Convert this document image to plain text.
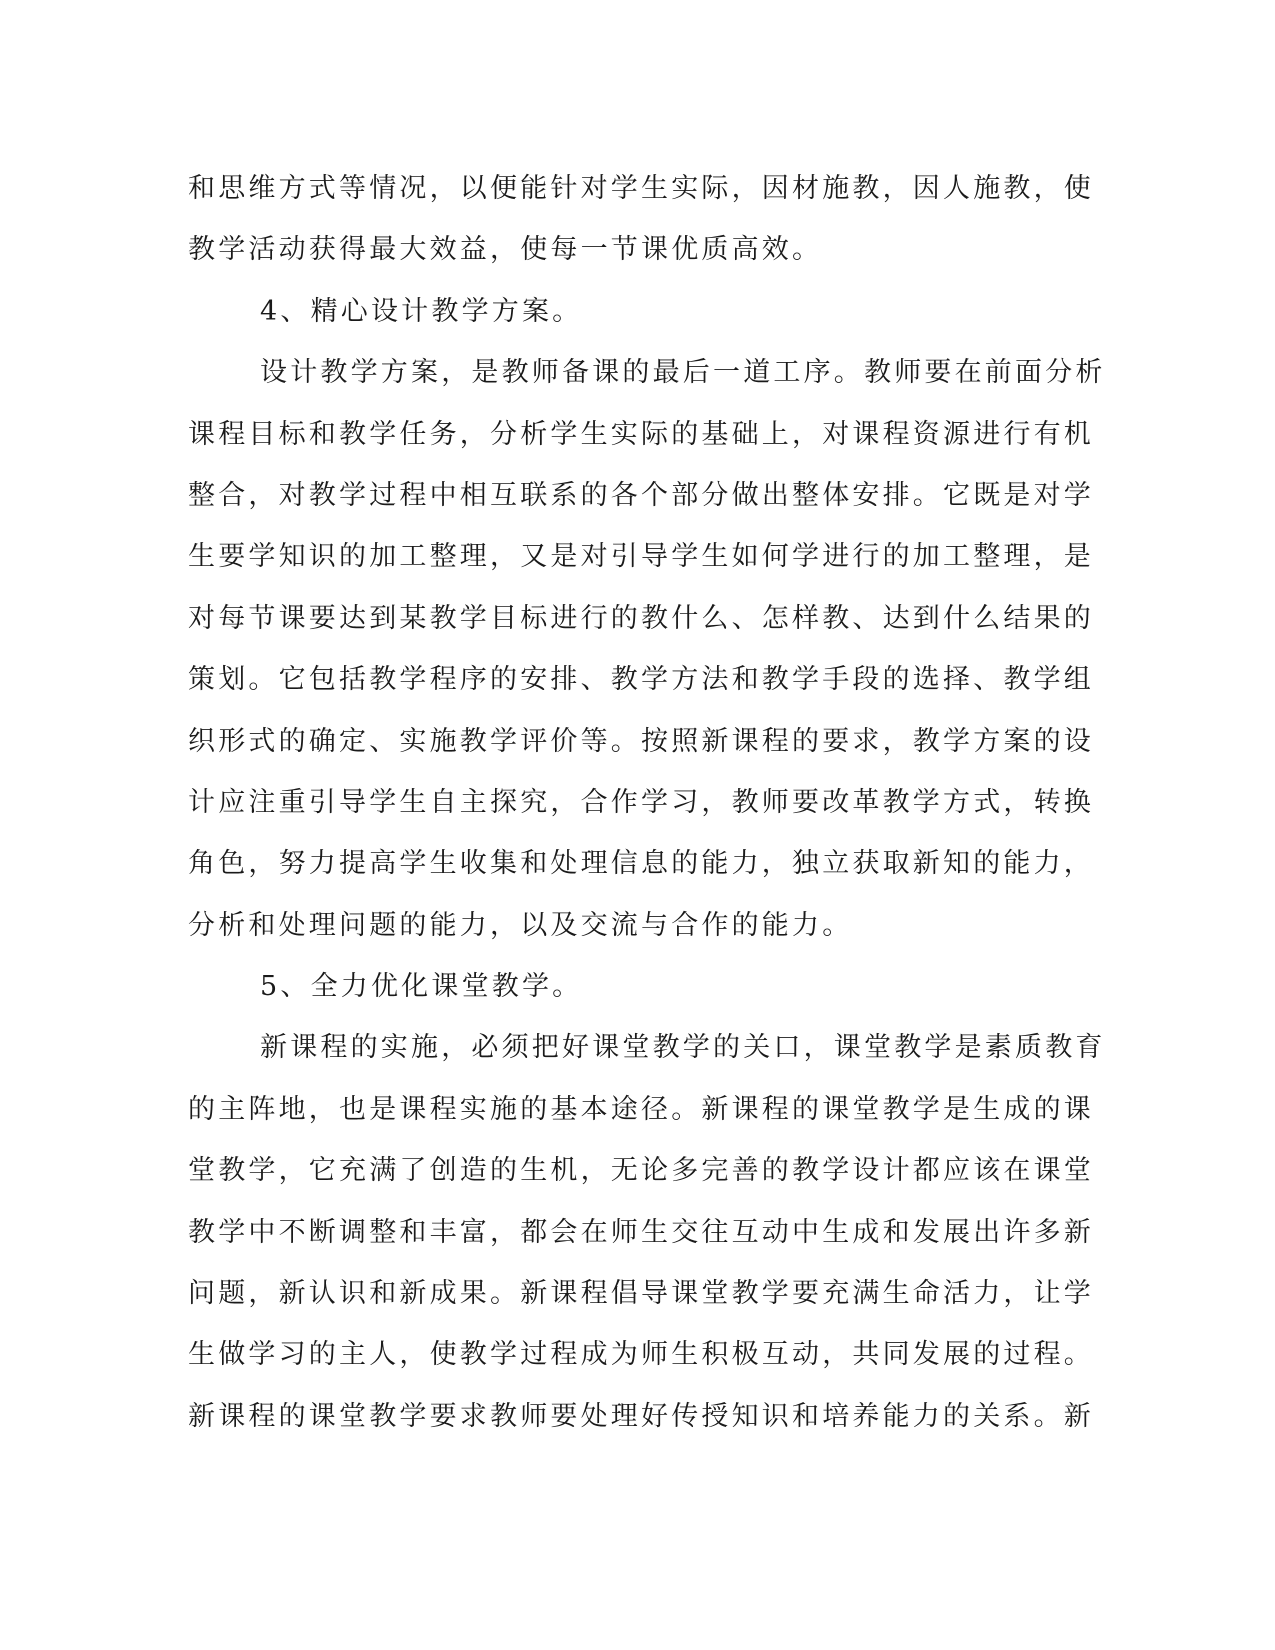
和思维方式等情况，以便能针对学生实际，因材施教，因人施教，使
教学活动获得最大效益，使每一节课优质高效。
4、精心设计教学方案。
设计教学方案，是教师备课的最后一道工序。教师要在前面分析
课程目标和教学任务，分析学生实际的基础上，对课程资源进行有机
整合，对教学过程中相互联系的各个部分做出整体安排。它既是对学
生要学知识的加工整理，又是对引导学生如何学进行的加工整理，是
对每节课要达到某教学目标进行的教什么、怎样教、达到什么结果的
策划。它包括教学程序的安排、教学方法和教学手段的选择、教学组
织形式的确定、实施教学评价等。按照新课程的要求，教学方案的设
计应注重引导学生自主探究，合作学习，教师要改革教学方式，转换
角色，努力提高学生收集和处理信息的能力，独立获取新知的能力，
分析和处理问题的能力，以及交流与合作的能力。
5、全力优化课堂教学。
新课程的实施，必须把好课堂教学的关口，课堂教学是素质教育
的主阵地，也是课程实施的基本途径。新课程的课堂教学是生成的课
堂教学，它充满了创造的生机，无论多完善的教学设计都应该在课堂
教学中不断调整和丰富，都会在师生交往互动中生成和发展出许多新
问题，新认识和新成果。新课程倡导课堂教学要充满生命活力，让学
生做学习的主人，使教学过程成为师生积极互动，共同发展的过程。
新课程的课堂教学要求教师要处理好传授知识和培养能力的关系。新
